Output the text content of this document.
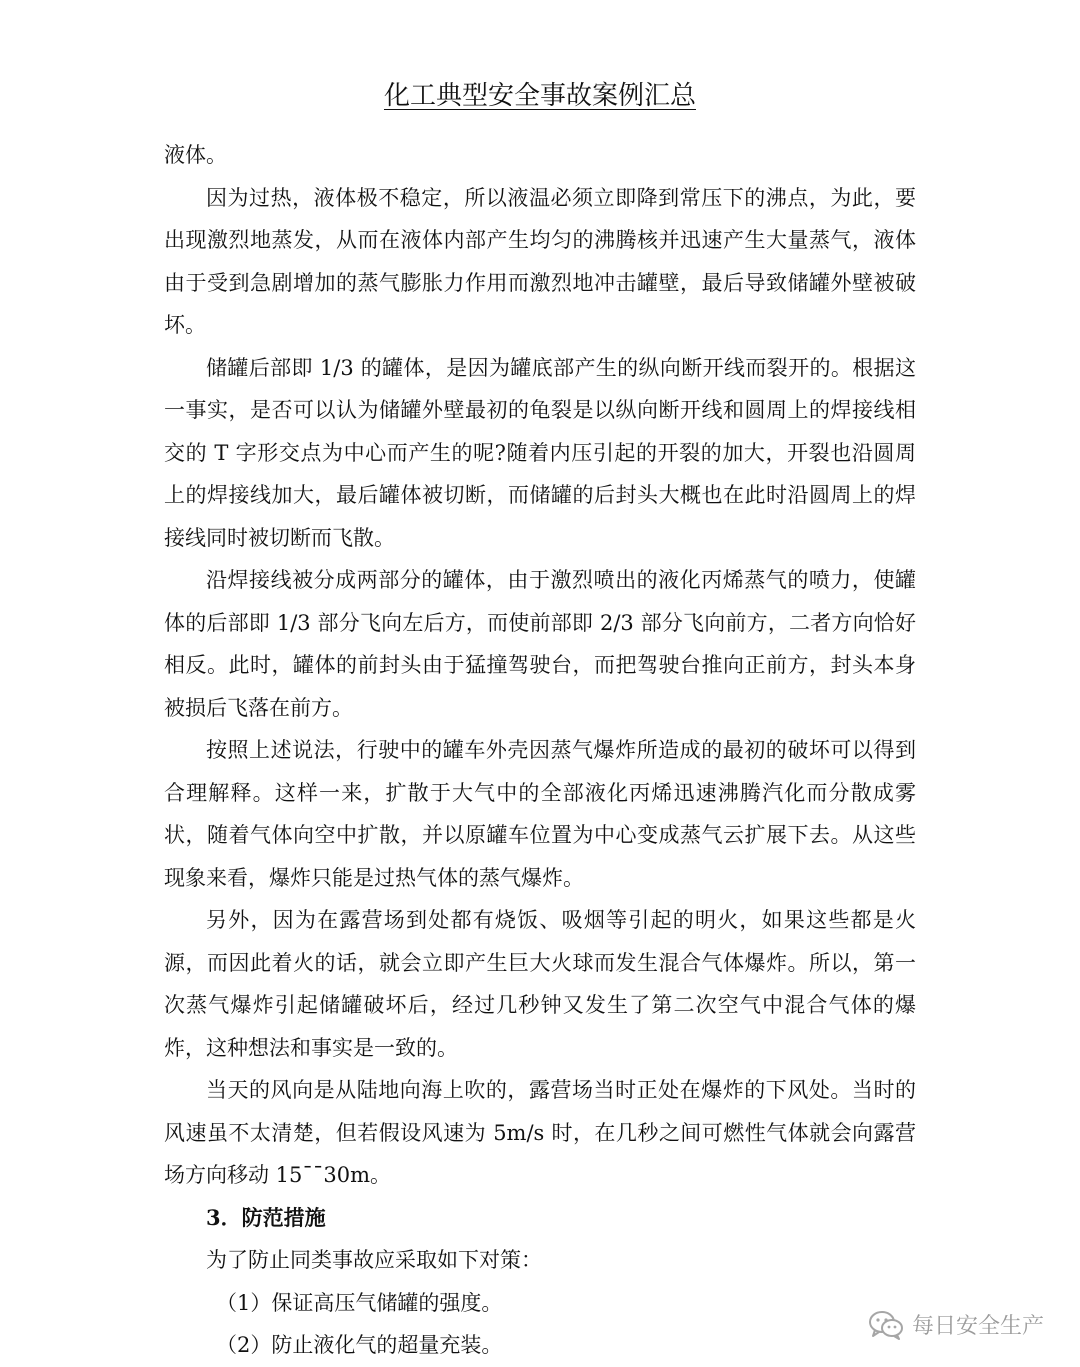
化工典型安全事故案例汇总

液体。

因为过热，液体极不稳定，所以液温必须立即降到常压下的沸点，为此，要出现激烈地蒸发，从而在液体内部产生均匀的沸腾核并迅速产生大量蒸气，液体由于受到急剧增加的蒸气膨胀力作用而激烈地冲击罐壁，最后导致储罐外壁被破坏。

储罐后部即 1/3 的罐体，是因为罐底部产生的纵向断开线而裂开的。根据这一事实，是否可以认为储罐外壁最初的龟裂是以纵向断开线和圆周上的焊接线相交的 T 字形交点为中心而产生的呢?随着内压引起的开裂的加大，开裂也沿圆周上的焊接线加大，最后罐体被切断，而储罐的后封头大概也在此时沿圆周上的焊接线同时被切断而飞散。

沿焊接线被分成两部分的罐体，由于激烈喷出的液化丙烯蒸气的喷力，使罐体的后部即 1/3 部分飞向左后方，而使前部即 2/3 部分飞向前方，二者方向恰好相反。此时，罐体的前封头由于猛撞驾驶台，而把驾驶台推向正前方，封头本身被损后飞落在前方。

按照上述说法，行驶中的罐车外壳因蒸气爆炸所造成的最初的破坏可以得到合理解释。这样一来，扩散于大气中的全部液化丙烯迅速沸腾汽化而分散成雾状，随着气体向空中扩散，并以原罐车位置为中心变成蒸气云扩展下去。从这些现象来看，爆炸只能是过热气体的蒸气爆炸。

另外，因为在露营场到处都有烧饭、吸烟等引起的明火，如果这些都是火源，而因此着火的话，就会立即产生巨大火球而发生混合气体爆炸。所以，第一次蒸气爆炸引起储罐破坏后，经过几秒钟又发生了第二次空气中混合气体的爆炸，这种想法和事实是一致的。

当天的风向是从陆地向海上吹的，露营场当时正处在爆炸的下风处。当时的风速虽不太清楚，但若假设风速为 5m/s 时，在几秒之间可燃性气体就会向露营场方向移动 15¯¯30m。

3．防范措施

为了防止同类事故应采取如下对策：

（1）保证高压气储罐的强度。

（2）防止液化气的超量充装。

每日安全生产
